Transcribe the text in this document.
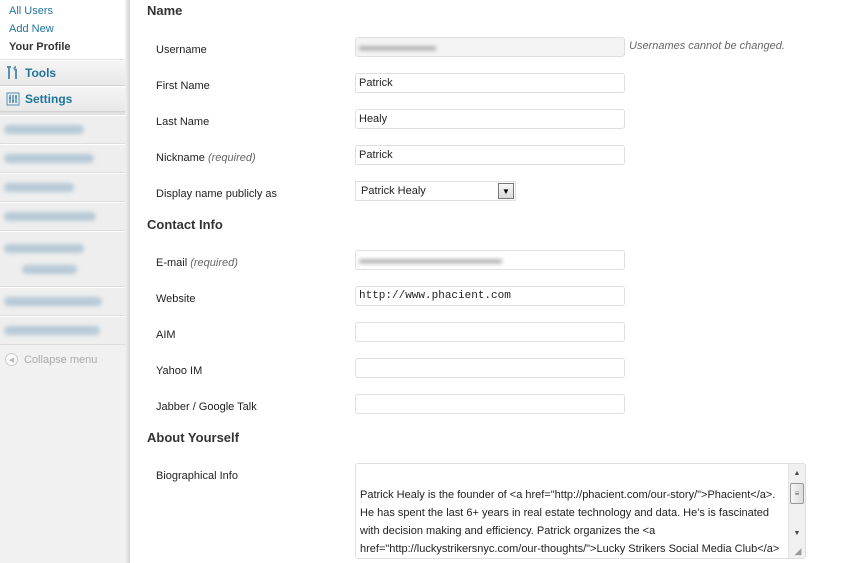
All Users
Add New
Your Profile
Tools
Settings
◀ Collapse menu
Name
Username	▬▬▬▬▬▬▬	Usernames cannot be changed.
First Name	Patrick
Last Name	Healy
Nickname (required)	Patrick
Display name publicly as	Patrick Healy	▼
Contact Info
E-mail (required)	▬▬▬▬▬▬▬▬▬▬▬▬▬
Website	http://www.phacient.com
AIM
Yahoo IM
Jabber / Google Talk
About Yourself
Biographical Info
Patrick Healy is the founder of <a href="http://phacient.com/our-story/">Phacient</a>. He has spent the last 6+ years in real estate technology and data. He's is fascinated with decision making and efficiency. Patrick organizes the <a href="http://luckystrikersnyc.com/our-thoughts/">Lucky Strikers Social Media Club</a>
▲
≡
▼
◢
